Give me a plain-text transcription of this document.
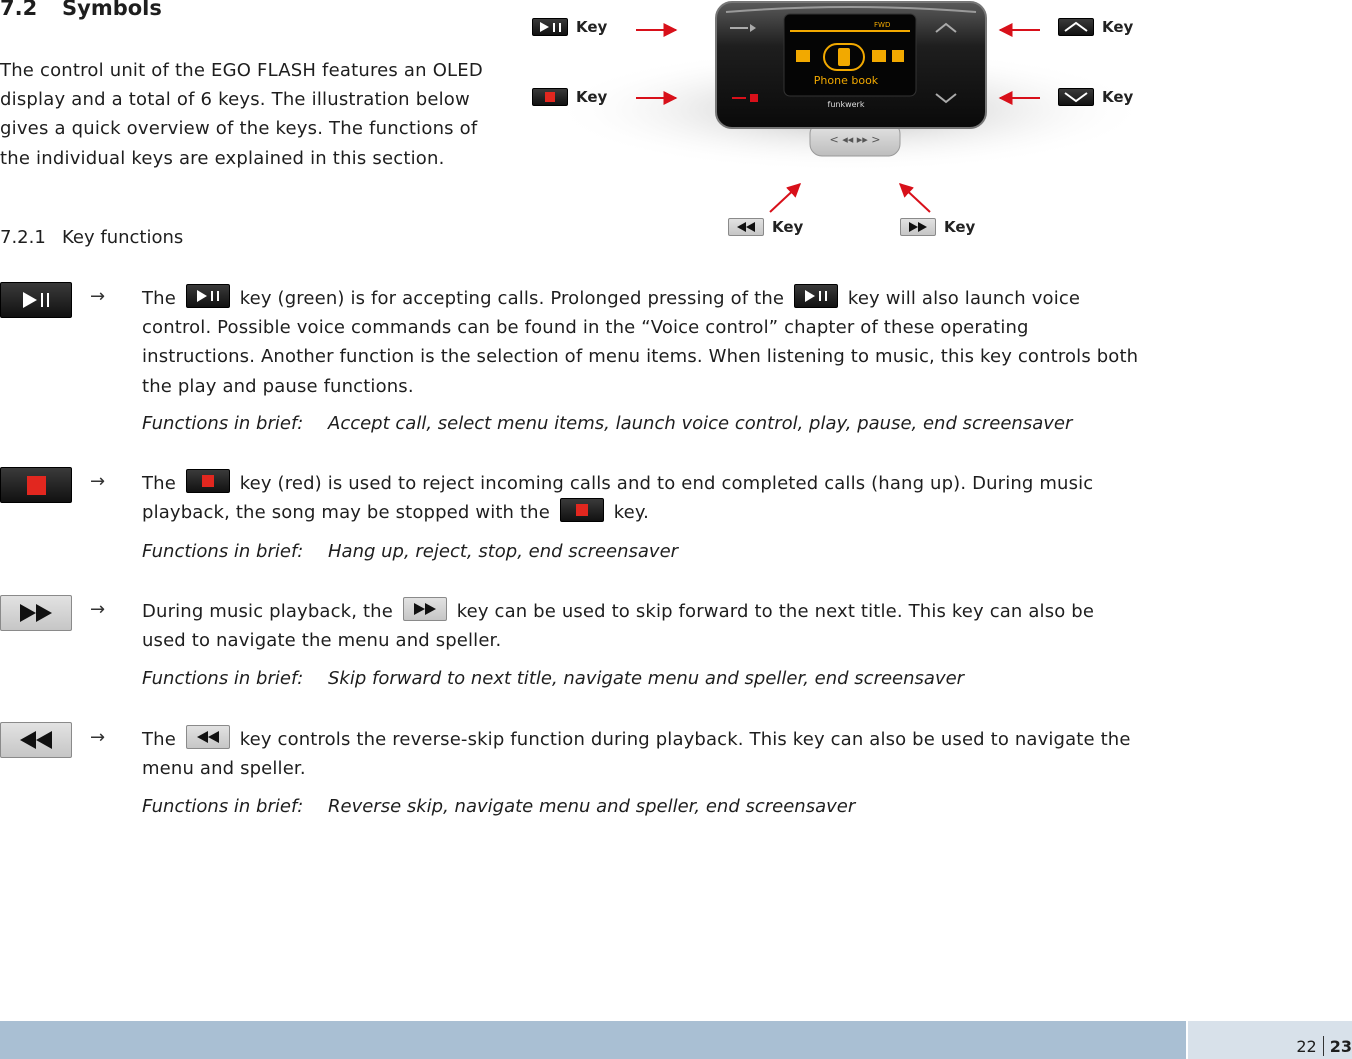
7.2 Symbols
The control unit of the EGO FLASH features an OLED display and a total of 6 keys. The illustration below gives a quick overview of the keys. The functions of the individual keys are explained in this section.
7.2.1 Key functions
< ◂◂ ▸▸ >
Phone book
FWD
funkwerk
Key
Key
Key
Key
Key	Key
→ The	key (green) is for accepting calls. Prolonged pressing of the	key will also launch voice control. Possible voice commands can be found in the “Voice control” chapter of these operating instructions. Another function is the selection of menu items. When listening to music, this key controls both the play and pause functions.
Functions in brief: Accept call, select menu items, launch voice control, play, pause, end screensaver
→ The	key (red) is used to reject incoming calls and to end completed calls (hang up). During music playback, the song may be stopped with the	key.
Functions in brief: Hang up, reject, stop, end screensaver
→ During music playback, the	key can be used to skip forward to the next title. This key can also be used to navigate the menu and speller.
Functions in brief: Skip forward to next title, navigate menu and speller, end screensaver
→ The	key controls the reverse-skip function during playback. This key can also be used to navigate the menu and speller.
Functions in brief: Reverse skip, navigate menu and speller, end screensaver
22 23
